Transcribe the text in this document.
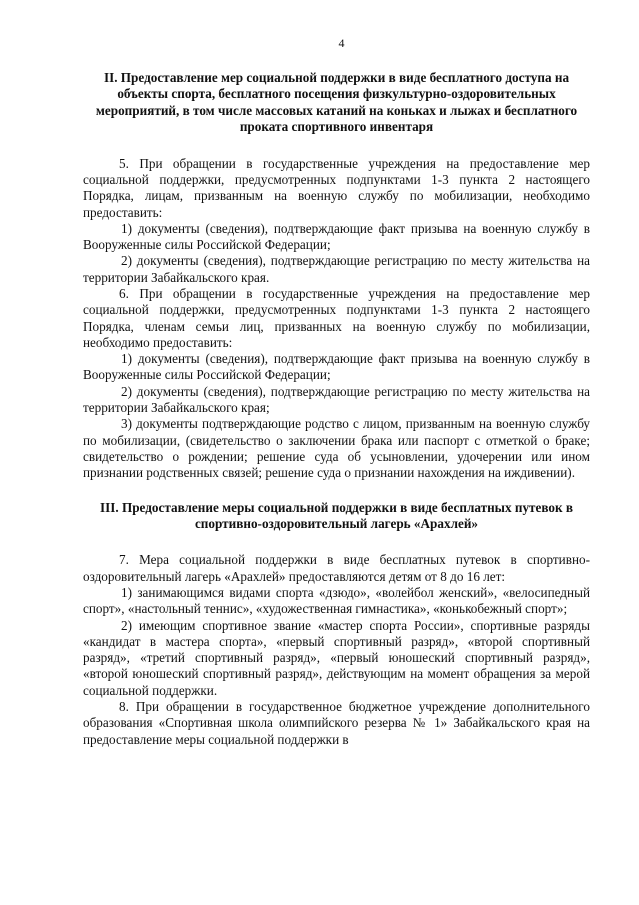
4

II. Предоставление мер социальной поддержки в виде бесплатного доступа на объекты спорта, бесплатного посещения физкультурно-оздоровительных мероприятий, в том числе массовых катаний на коньках и лыжах и бесплатного проката спортивного инвентаря

5. При обращении в государственные учреждения на предоставление мер социальной поддержки, предусмотренных подпунктами 1-3 пункта 2 настоящего Порядка, лицам, призванным на военную службу по мобилизации, необходимо предоставить:

1) документы (сведения), подтверждающие факт призыва на военную службу в Вооруженные силы Российской Федерации;

2) документы (сведения), подтверждающие регистрацию по месту жительства на территории Забайкальского края.

6. При обращении в государственные учреждения на предоставление мер социальной поддержки, предусмотренных подпунктами 1-3 пункта 2 настоящего Порядка, членам семьи лиц, призванных на военную службу по мобилизации, необходимо предоставить:

1) документы (сведения), подтверждающие факт призыва на военную службу в Вооруженные силы Российской Федерации;

2) документы (сведения), подтверждающие регистрацию по месту жительства на территории Забайкальского края;

3) документы подтверждающие родство с лицом, призванным на военную службу по мобилизации, (свидетельство о заключении брака или паспорт с отметкой о браке; свидетельство о рождении; решение суда об усыновлении, удочерении или ином признании родственных связей; решение суда о признании нахождения на иждивении).

III. Предоставление меры социальной поддержки в виде бесплатных путевок в спортивно-оздоровительный лагерь «Арахлей»

7. Мера социальной поддержки в виде бесплатных путевок в спортивно-оздоровительный лагерь «Арахлей» предоставляются детям от 8 до 16 лет:

1) занимающимся видами спорта «дзюдо», «волейбол женский», «велосипедный спорт», «настольный теннис», «художественная гимнастика», «конькобежный спорт»;

2) имеющим спортивное звание «мастер спорта России», спортивные разряды «кандидат в мастера спорта», «первый спортивный разряд», «второй спортивный разряд», «третий спортивный разряд», «первый юношеский спортивный разряд», «второй юношеский спортивный разряд», действующим на момент обращения за мерой социальной поддержки.

8. При обращении в государственное бюджетное учреждение дополнительного образования «Спортивная школа олимпийского резерва № 1» Забайкальского края на предоставление меры социальной поддержки в
